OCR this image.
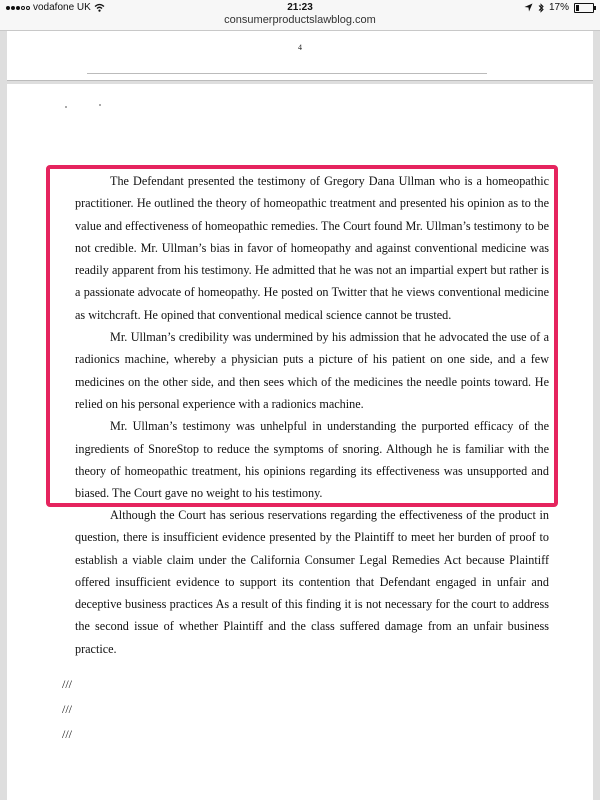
vodafone UK	21:23	17%
consumerproductslawblog.com
4

The Defendant presented the testimony of Gregory Dana Ullman who is a homeopathic practitioner. He outlined the theory of homeopathic treatment and presented his opinion as to the value and effectiveness of homeopathic remedies. The Court found Mr. Ullman’s testimony to be not credible. Mr. Ullman’s bias in favor of homeopathy and against conventional medicine was readily apparent from his testimony. He admitted that he was not an impartial expert but rather is a passionate advocate of homeopathy. He posted on Twitter that he views conventional medicine as witchcraft. He opined that conventional medical science cannot be trusted.

Mr. Ullman’s credibility was undermined by his admission that he advocated the use of a radionics machine, whereby a physician puts a picture of his patient on one side, and a few medicines on the other side, and then sees which of the medicines the needle points toward. He relied on his personal experience with a radionics machine.

Mr. Ullman’s testimony was unhelpful in understanding the purported efficacy of the ingredients of SnoreStop to reduce the symptoms of snoring. Although he is familiar with the theory of homeopathic treatment, his opinions regarding its effectiveness was unsupported and biased. The Court gave no weight to his testimony.

Although the Court has serious reservations regarding the effectiveness of the product in question, there is insufficient evidence presented by the Plaintiff to meet her burden of proof to establish a viable claim under the California Consumer Legal Remedies Act because Plaintiff offered insufficient evidence to support its contention that Defendant engaged in unfair and deceptive business practices As a result of this finding it is not necessary for the court to address the second issue of whether Plaintiff and the class suffered damage from an unfair business practice.

///
///
///
